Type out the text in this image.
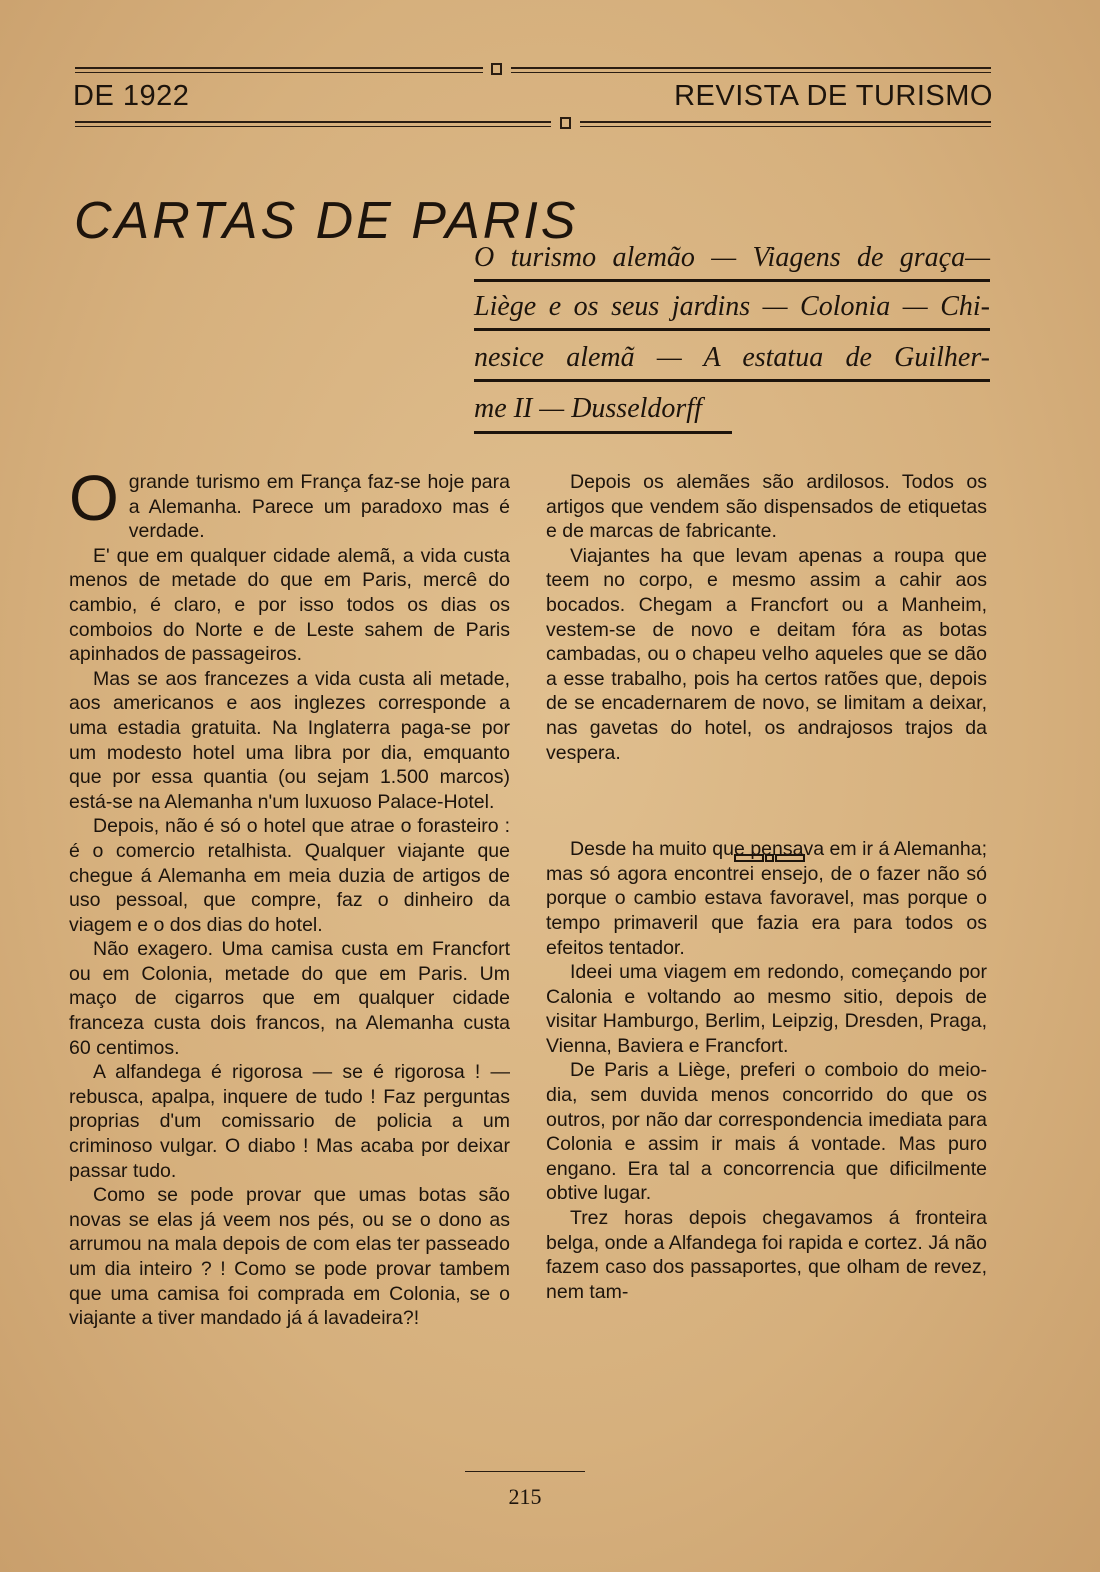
DE 1922	REVISTA DE TURISMO
CARTAS DE PARIS
O turismo alemão — Viagens de graça—
Liège e os seus jardins — Colonia — Chi-
nesice alemã — A estatua de Guilher-
me II — Dusseldorff

Ogrande turismo em França faz-se hoje para a Alemanha. Parece um paradoxo mas é verdade.

E' que em qualquer cidade alemã, a vida custa menos de metade do que em Paris, mercê do cambio, é claro, e por isso todos os dias os comboios do Norte e de Leste sahem de Paris apinhados de passageiros.

Mas se aos francezes a vida custa ali metade, aos americanos e aos inglezes corresponde a uma estadia gratuita. Na Inglaterra paga-se por um modesto hotel uma libra por dia, emquanto que por essa quantia (ou sejam 1.500 marcos) está-se na Alemanha n'um luxuoso Palace-Hotel.

Depois, não é só o hotel que atrae o forasteiro : é o comercio retalhista. Qualquer viajante que chegue á Alemanha em meia duzia de artigos de uso pessoal, que compre, faz o dinheiro da viagem e o dos dias do hotel.

Não exagero. Uma camisa custa em Francfort ou em Colonia, metade do que em Paris. Um maço de cigarros que em qualquer cidade franceza custa dois francos, na Alemanha custa 60 centimos.

A alfandega é rigorosa — se é rigorosa ! — rebusca, apalpa, inquere de tudo ! Faz perguntas proprias d'um comissario de policia a um criminoso vulgar. O diabo ! Mas acaba por deixar passar tudo.

Como se pode provar que umas botas são novas se elas já veem nos pés, ou se o dono as arrumou na mala depois de com elas ter passeado um dia inteiro ? ! Como se pode provar tambem que uma camisa foi comprada em Colonia, se o viajante a tiver mandado já á lavadeira?!

Depois os alemães são ardilosos. Todos os artigos que vendem são dispensados de etiquetas e de marcas de fabricante.

Viajantes ha que levam apenas a roupa que teem no corpo, e mesmo assim a cahir aos bocados. Chegam a Francfort ou a Manheim, vestem-se de novo e deitam fóra as botas cambadas, ou o chapeu velho aqueles que se dão a esse trabalho, pois ha certos ratões que, depois de se encadernarem de novo, se limitam a deixar, nas gavetas do hotel, os andrajosos trajos da vespera.

Desde ha muito que pensava em ir á Alemanha; mas só agora encontrei ensejo, de o fazer não só porque o cambio estava favoravel, mas porque o tempo primaveril que fazia era para todos os efeitos tentador.

Ideei uma viagem em redondo, começando por Calonia e voltando ao mesmo sitio, depois de visitar Hamburgo, Berlim, Leipzig, Dresden, Praga, Vienna, Baviera e Francfort.

De Paris a Liège, preferi o comboio do meio-dia, sem duvida menos concorrido do que os outros, por não dar correspondencia imediata para Colonia e assim ir mais á vontade. Mas puro engano. Era tal a concorrencia que dificilmente obtive lugar.

Trez horas depois chegavamos á fronteira belga, onde a Alfandega foi rapida e cortez. Já não fazem caso dos passaportes, que olham de revez, nem tam-

215
